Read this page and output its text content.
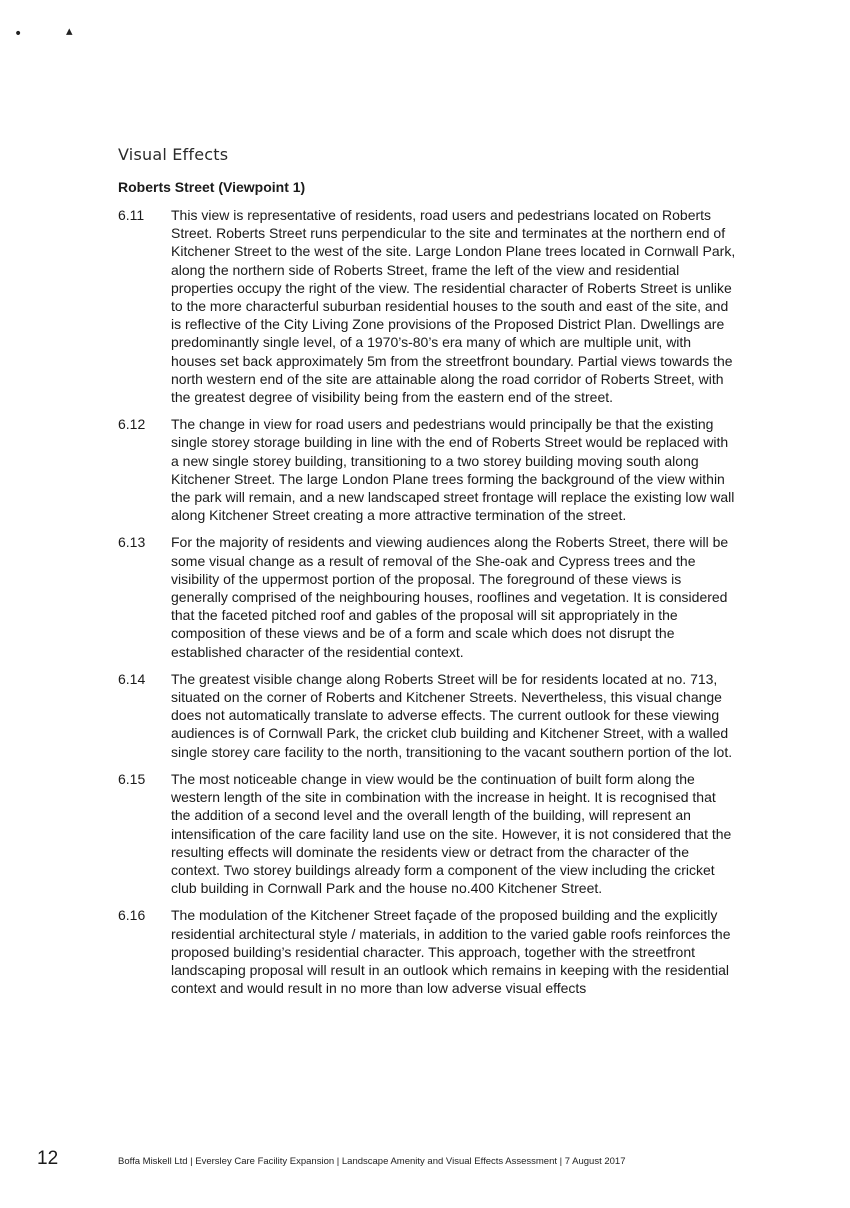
•	▴
Visual Effects
Roberts Street (Viewpoint 1)
6.11 This view is representative of residents, road users and pedestrians located on Roberts Street. Roberts Street runs perpendicular to the site and terminates at the northern end of Kitchener Street to the west of the site. Large London Plane trees located in Cornwall Park, along the northern side of Roberts Street, frame the left of the view and residential properties occupy the right of the view. The residential character of Roberts Street is unlike to the more characterful suburban residential houses to the south and east of the site, and is reflective of the City Living Zone provisions of the Proposed District Plan. Dwellings are predominantly single level, of a 1970’s-80’s era many of which are multiple unit, with houses set back approximately 5m from the streetfront boundary. Partial views towards the north western end of the site are attainable along the road corridor of Roberts Street, with the greatest degree of visibility being from the eastern end of the street.
6.12 The change in view for road users and pedestrians would principally be that the existing single storey storage building in line with the end of Roberts Street would be replaced with a new single storey building, transitioning to a two storey building moving south along Kitchener Street. The large London Plane trees forming the background of the view within the park will remain, and a new landscaped street frontage will replace the existing low wall along Kitchener Street creating a more attractive termination of the street.
6.13 For the majority of residents and viewing audiences along the Roberts Street, there will be some visual change as a result of removal of the She-oak and Cypress trees and the visibility of the uppermost portion of the proposal. The foreground of these views is generally comprised of the neighbouring houses, rooflines and vegetation. It is considered that the faceted pitched roof and gables of the proposal will sit appropriately in the composition of these views and be of a form and scale which does not disrupt the established character of the residential context.
6.14 The greatest visible change along Roberts Street will be for residents located at no. 713, situated on the corner of Roberts and Kitchener Streets. Nevertheless, this visual change does not automatically translate to adverse effects. The current outlook for these viewing audiences is of Cornwall Park, the cricket club building and Kitchener Street, with a walled single storey care facility to the north, transitioning to the vacant southern portion of the lot.
6.15 The most noticeable change in view would be the continuation of built form along the western length of the site in combination with the increase in height. It is recognised that the addition of a second level and the overall length of the building, will represent an intensification of the care facility land use on the site. However, it is not considered that the resulting effects will dominate the residents view or detract from the character of the context. Two storey buildings already form a component of the view including the cricket club building in Cornwall Park and the house no.400 Kitchener Street.
6.16 The modulation of the Kitchener Street façade of the proposed building and the explicitly residential architectural style / materials, in addition to the varied gable roofs reinforces the proposed building’s residential character. This approach, together with the streetfront landscaping proposal will result in an outlook which remains in keeping with the residential context and would result in no more than low adverse visual effects
12	Boffa Miskell Ltd | Eversley Care Facility Expansion | Landscape Amenity and Visual Effects Assessment | 7 August 2017
